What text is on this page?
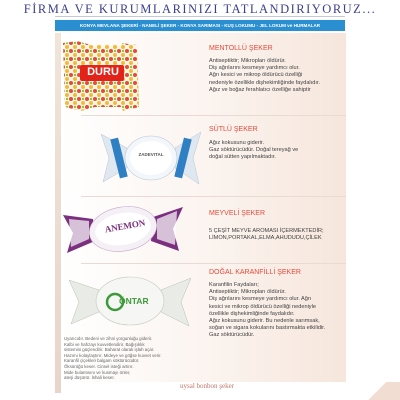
FİRMA VE KURUMLARINIZI TATLANDIRIYORUZ...
KONYA MEVLANA ŞEKERİ - NANELİ ŞEKER - KONYA SARIMASI - KUŞ LOKUMU - JEL LOKUM ve HURMALAR
DURU
MENTOLLÜ ŞEKER
Antiseptiktir; Mikropları öldürür.
Diş ağrılarını kesmeye yardımcı olur.
Ağrı kesici ve mikrop öldürücü özelliği
nedeniyle özellikle dişhekimliğinde faydalıdır.
Ağız ve boğaz ferahlatıcı özelliğe sahiptir
ZADEVITAL
SÜTLÜ ŞEKER
Ağız kokusunu giderir.
Gaz söktürücüdür. Doğal tereyağ ve
doğal sütten yapılmaktadır.
ANEMON
MEYVELİ ŞEKER
5 ÇEŞİT MEYVE AROMASI İÇERMEKTEDİR;
LİMON,PORTAKAL,ELMA,AHUDUDU,ÇİLEK
ÖNTAR
DOĞAL KARANFİLLİ ŞEKER
Karanfilin Faydaları;
Antiseptiktir; Mikropları öldürür.
Diş ağrılarını kesmeye yardımcı olur. Ağrı
kesici ve mikrop öldürücü özelliği nedeniyle
özellikle dişhekimliğinde faydalıdır.
Ağız kokusunu giderir. Bu nedenle sarımsak,
soğan ve sigara kokularını bastırmakta etkilidir.
Gaz söktürücüdür.
Uyarıcıdır. Bedeni ve zihni yorgunluğu giderir.
Kalbi ve hafızayı kuvvetlendirir. Bağışıklık
sistemini güçlendirir. Baharat olarak işlah açar.
Hazımı kolaylaştırır. Mideye ve göğse kuvvet verir.
Karanfil çiçekleri balgam söktürücüdür.
Öksürüğü keser. Cinsel isteği artırır.
Mide bulantısını ve kusmayı önler,
ateşi düşürür. İshali keser.
uysal bonbon şeker
